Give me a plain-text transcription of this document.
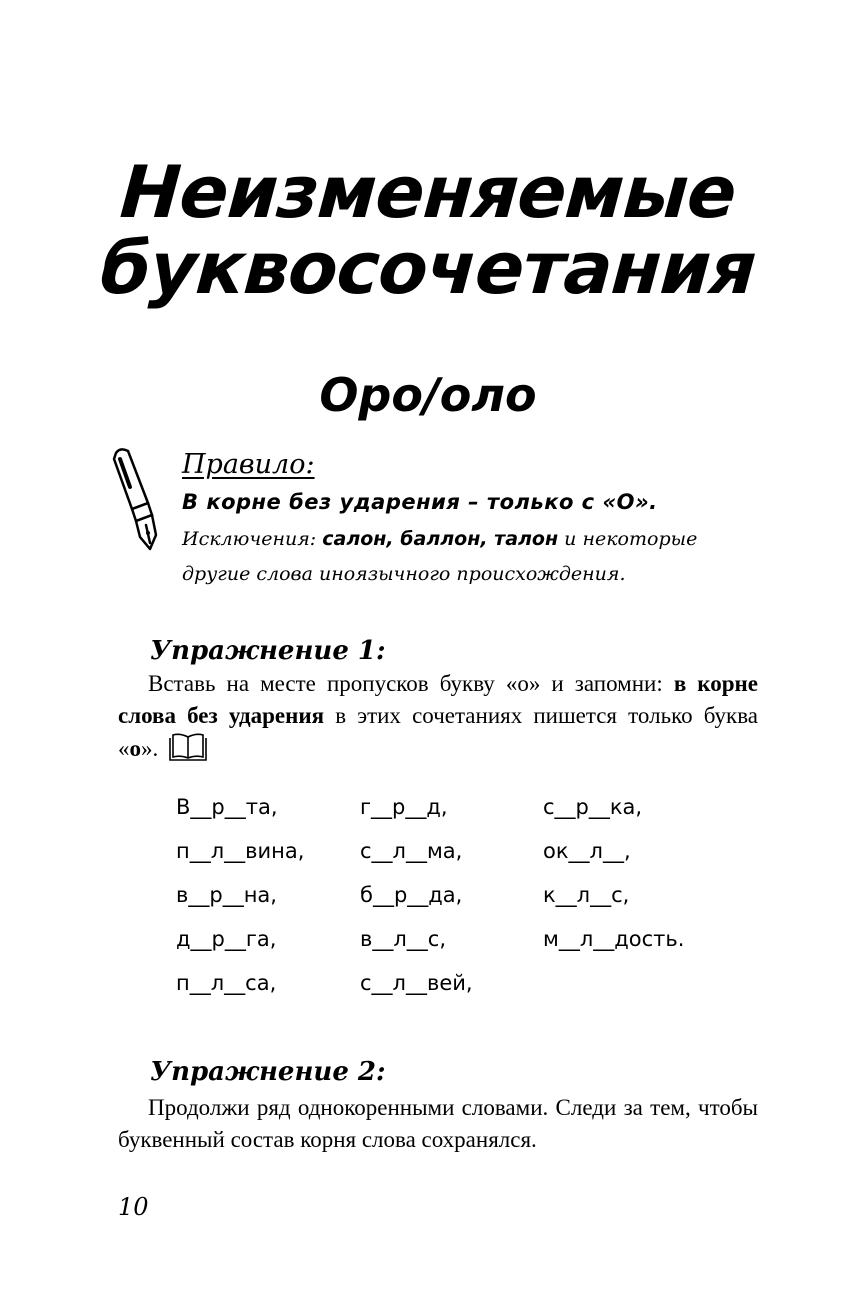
Неизменяемые
буквосочетания
Оро/оло
Правило:
В корне без ударения – только с «О».
Исключения: салон, баллон, талон и некоторые другие слова иноязычного происхождения.
Упражнение 1:
Вставь на месте пропусков букву «о» и запомни: в корне слова без ударения в этих сочетаниях пишется только буква «о».
В__р__та,	г__р__д,	с__р__ка,
п__л__вина,	с__л__ма,	ок__л__,
в__р__на,	б__р__да,	к__л__с,
д__р__га,	в__л__с,	м__л__дость.
п__л__са,	с__л__вей,
Упражнение 2:
Продолжи ряд однокоренными словами. Следи за тем, чтобы буквенный состав корня слова сохранялся.
10
